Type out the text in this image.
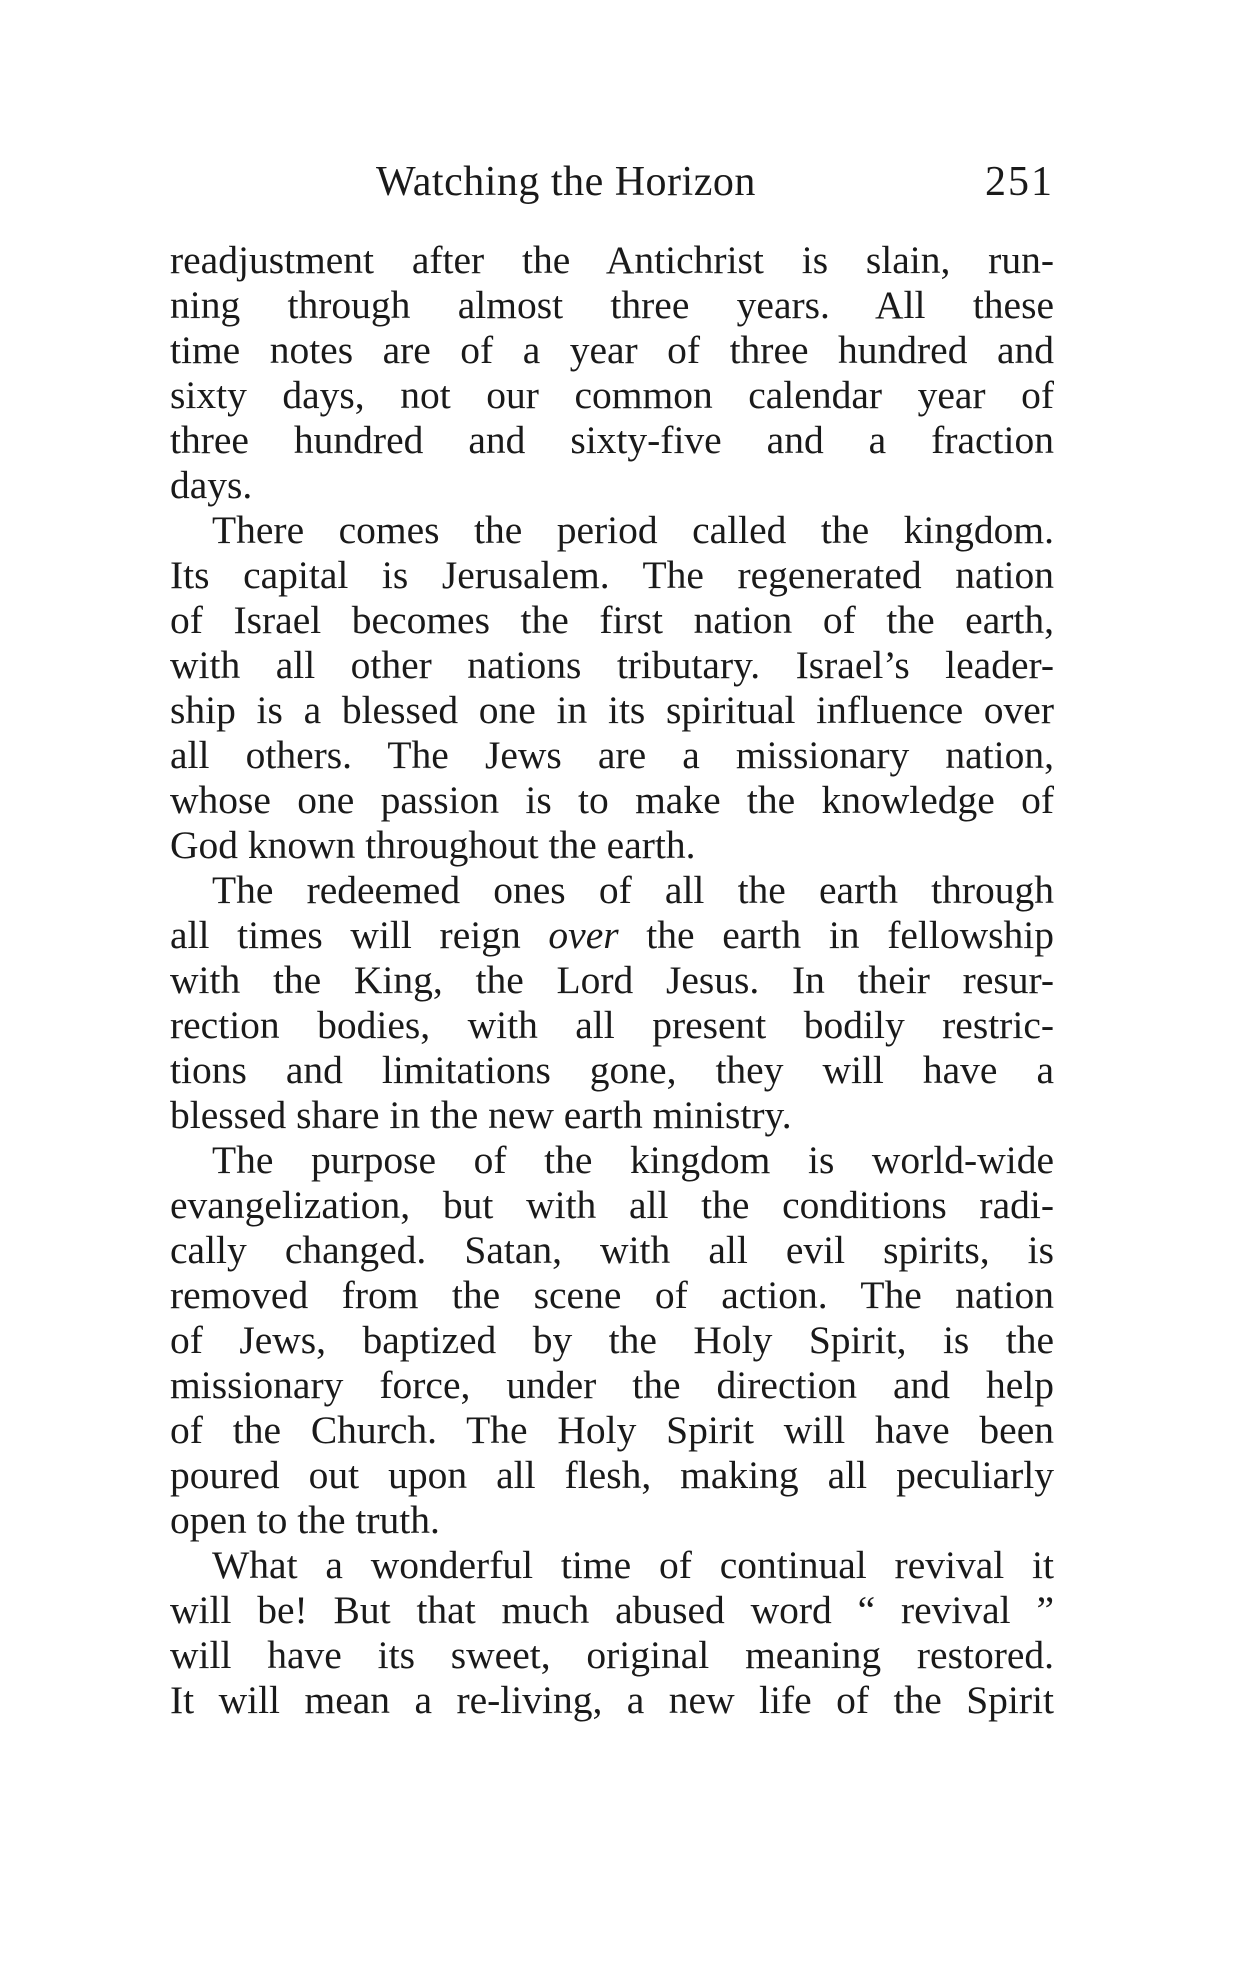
Watching the Horizon	251

readjustment after the Antichrist is slain, run-
ning through almost three years. All these
time notes are of a year of three hundred and
sixty days, not our common calendar year of
three hundred and sixty-five and a fraction
days.

There comes the period called the kingdom.
Its capital is Jerusalem. The regenerated nation
of Israel becomes the first nation of the earth,
with all other nations tributary. Israel’s leader-
ship is a blessed one in its spiritual influence over
all others. The Jews are a missionary nation,
whose one passion is to make the knowledge of
God known throughout the earth.

The redeemed ones of all the earth through
all times will reign over the earth in fellowship
with the King, the Lord Jesus. In their resur-
rection bodies, with all present bodily restric-
tions and limitations gone, they will have a
blessed share in the new earth ministry.

The purpose of the kingdom is world-wide
evangelization, but with all the conditions radi-
cally changed. Satan, with all evil spirits, is
removed from the scene of action. The nation
of Jews, baptized by the Holy Spirit, is the
missionary force, under the direction and help
of the Church. The Holy Spirit will have been
poured out upon all flesh, making all peculiarly
open to the truth.

What a wonderful time of continual revival it
will be! But that much abused word “ revival ”
will have its sweet, original meaning restored.
It will mean a re-living, a new life of the Spirit
